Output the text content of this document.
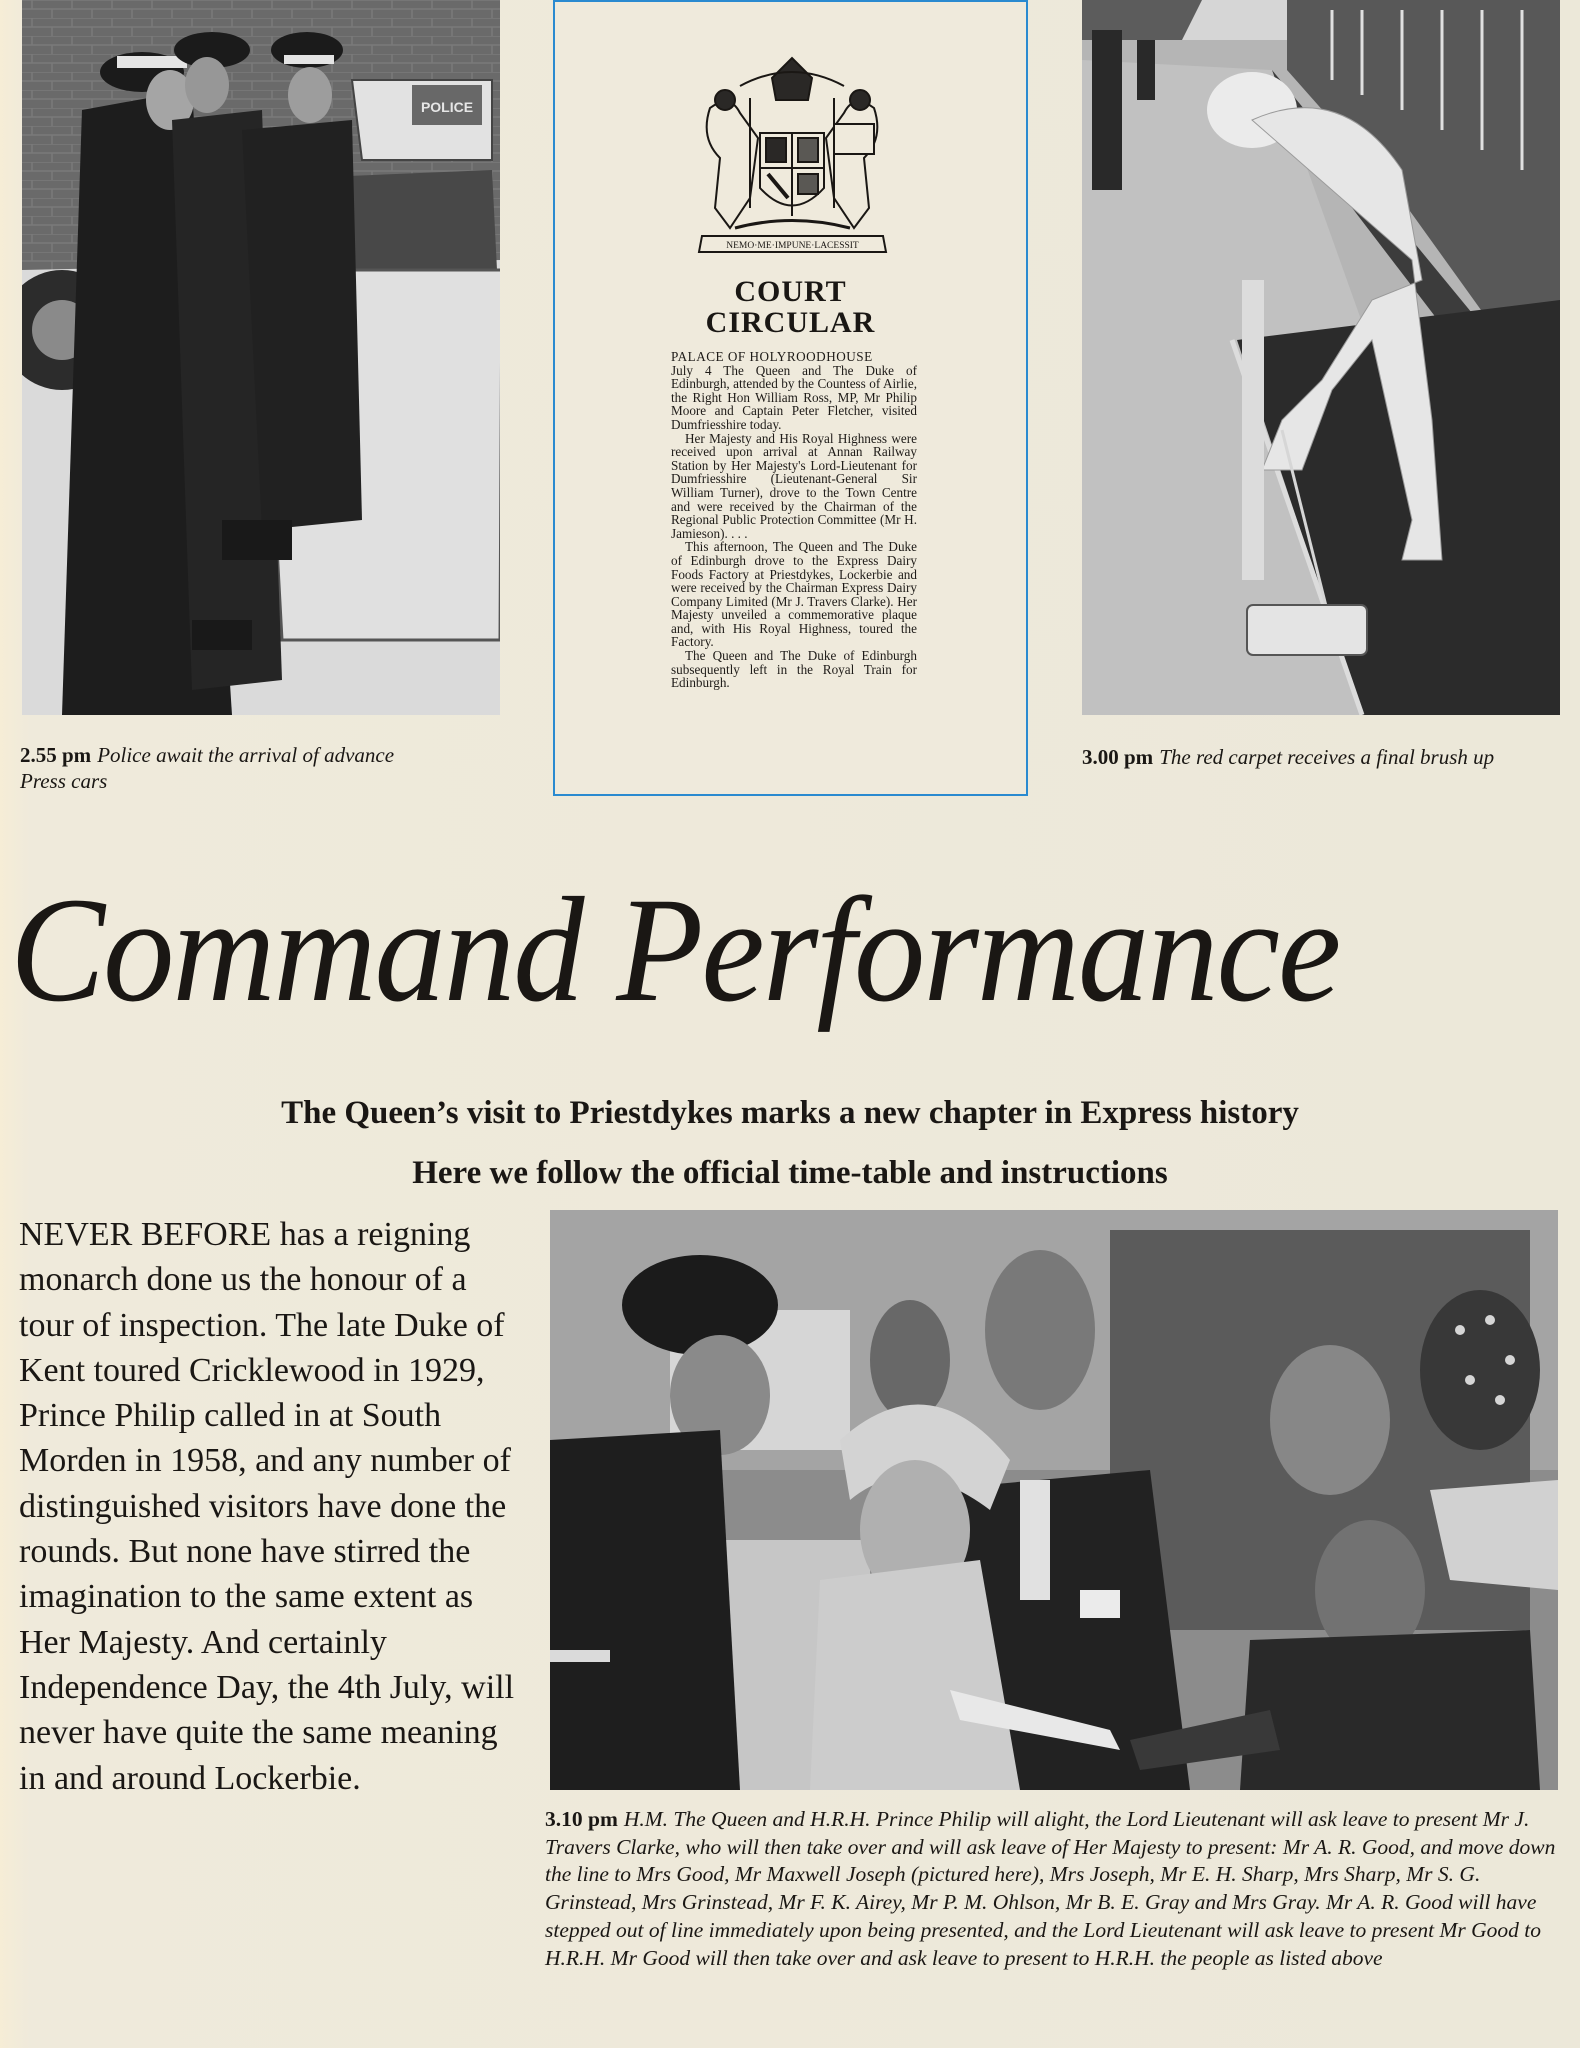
POLICE
2.55 pm Police await the arrival of advance Press cars
NEMO·ME·IMPUNE·LACESSIT
COURT
CIRCULAR
PALACE OF HOLYROODHOUSE

July 4 The Queen and The Duke of Edinburgh, attended by the Countess of Airlie, the Right Hon William Ross, MP, Mr Philip Moore and Captain Peter Fletcher, visited Dumfriesshire today.

Her Majesty and His Royal Highness were received upon arrival at Annan Railway Station by Her Majesty's Lord-Lieutenant for Dumfriesshire (Lieutenant-General Sir William Turner), drove to the Town Centre and were received by the Chairman of the Regional Public Protection Committee (Mr H. Jamieson). . . .

This afternoon, The Queen and The Duke of Edinburgh drove to the Express Dairy Foods Factory at Priestdykes, Lockerbie and were received by the Chairman Express Dairy Company Limited (Mr J. Travers Clarke). Her Majesty unveiled a commemorative plaque and, with His Royal Highness, toured the Factory.

The Queen and The Duke of Edinburgh subsequently left in the Royal Train for Edinburgh.

3.00 pm The red carpet receives a final brush up
Command Performance
The Queen’s visit to Priestdykes marks a new chapter in Express history
Here we follow the official time-table and instructions
NEVER BEFORE has a reigning monarch done us the honour of a tour of inspection. The late Duke of Kent toured Cricklewood in 1929, Prince Philip called in at South Morden in 1958, and any number of distinguished visitors have done the rounds. But none have stirred the imagination to the same extent as Her Majesty. And certainly Independence Day, the 4th July, will never have quite the same meaning in and around Lockerbie.
3.10 pm H.M. The Queen and H.R.H. Prince Philip will alight, the Lord Lieutenant will ask leave to present Mr J. Travers Clarke, who will then take over and will ask leave of Her Majesty to present: Mr A. R. Good, and move down the line to Mrs Good, Mr Maxwell Joseph (pictured here), Mrs Joseph, Mr E. H. Sharp, Mrs Sharp, Mr S. G. Grinstead, Mrs Grinstead, Mr F. K. Airey, Mr P. M. Ohlson, Mr B. E. Gray and Mrs Gray. Mr A. R. Good will have stepped out of line immediately upon being presented, and the Lord Lieutenant will ask leave to present Mr Good to H.R.H. Mr Good will then take over and ask leave to present to H.R.H. the people as listed above
